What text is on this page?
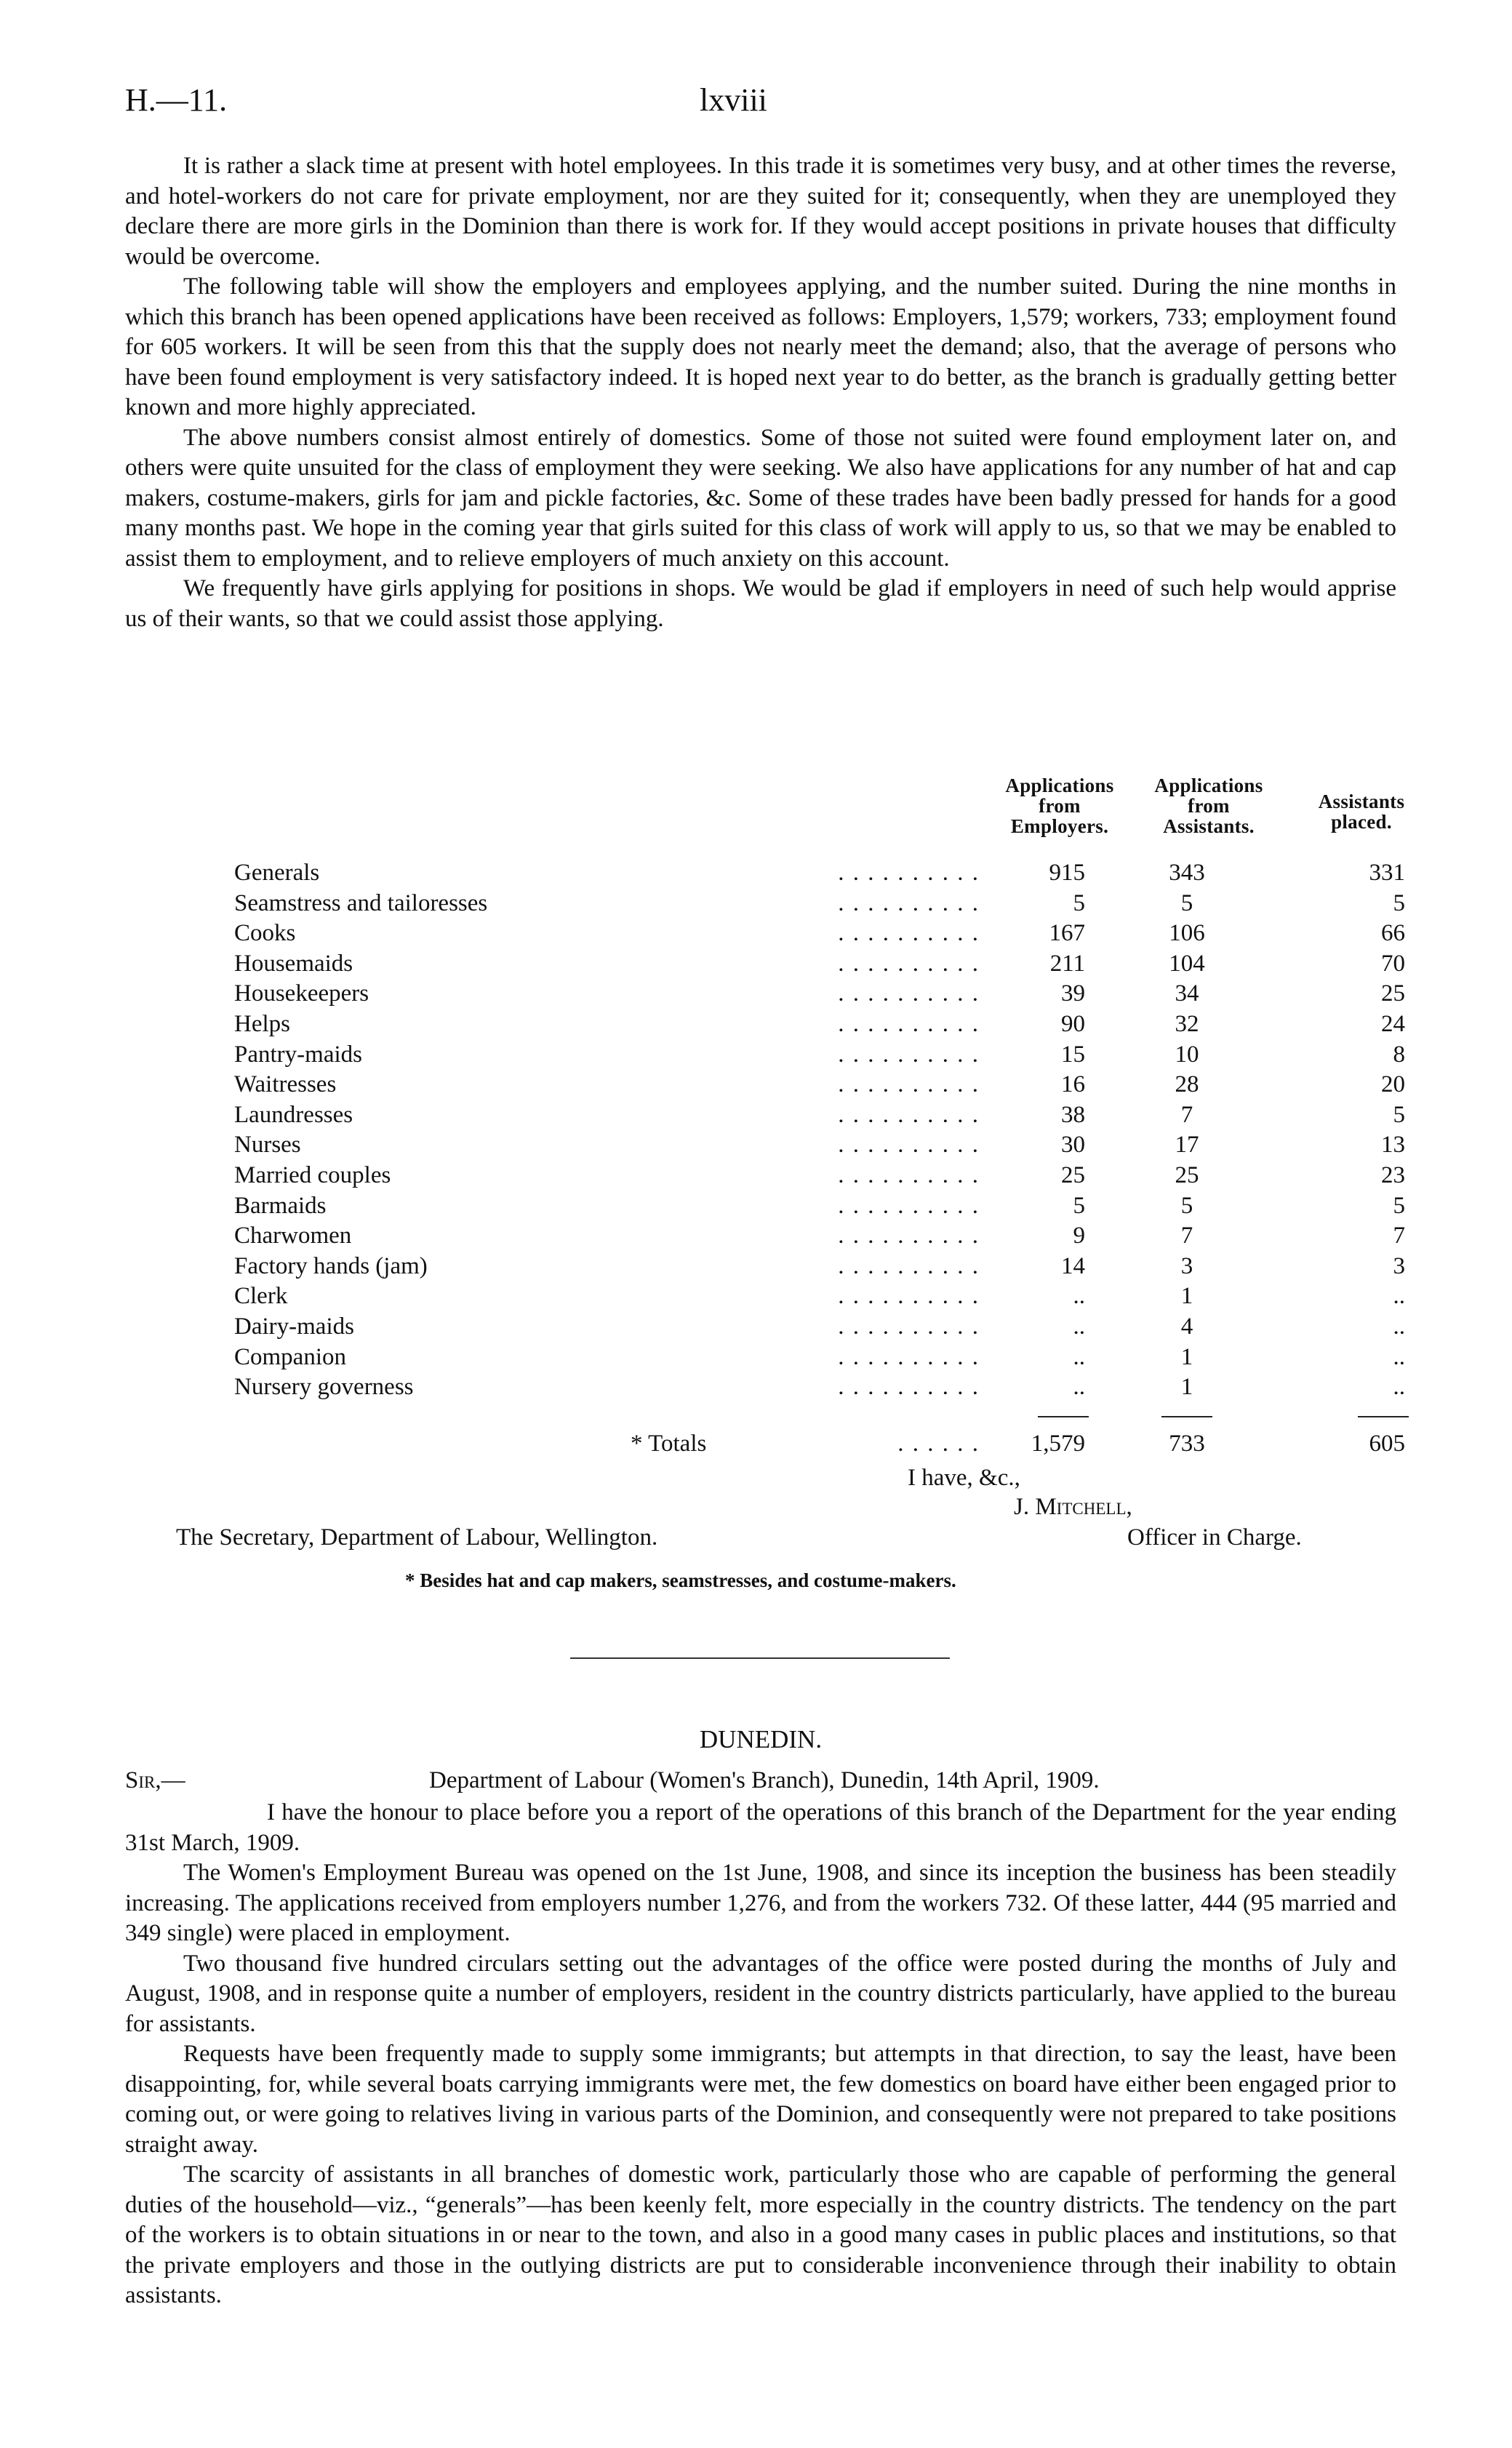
H.—11.	lxviii

It is rather a slack time at present with hotel employees. In this trade it is sometimes very busy, and at other times the reverse, and hotel-workers do not care for private employment, nor are they suited for it; consequently, when they are unemployed they declare there are more girls in the Dominion than there is work for. If they would accept positions in private houses that difficulty would be overcome.

The following table will show the employers and employees applying, and the number suited. During the nine months in which this branch has been opened applications have been received as follows: Employers, 1,579; workers, 733; employment found for 605 workers. It will be seen from this that the supply does not nearly meet the demand; also, that the average of persons who have been found employment is very satisfactory indeed. It is hoped next year to do better, as the branch is gradually getting better known and more highly appreciated.

The above numbers consist almost entirely of domestics. Some of those not suited were found employment later on, and others were quite unsuited for the class of employment they were seeking. We also have applications for any number of hat and cap makers, costume-makers, girls for jam and pickle factories, &c. Some of these trades have been badly pressed for hands for a good many months past. We hope in the coming year that girls suited for this class of work will apply to us, so that we may be enabled to assist them to employment, and to relieve employers of much anxiety on this account.

We frequently have girls applying for positions in shops. We would be glad if employers in need of such help would apprise us of their wants, so that we could assist those applying.

Applications
from
Employers.
Applications
from
Assistants.
Assistants
placed.
Generals	. . . . . . . . . .	915	343	331
Seamstress and tailoresses	. . . . . . . . . .	5	5	5
Cooks	. . . . . . . . . .	167	106	66
Housemaids	. . . . . . . . . .	211	104	70
Housekeepers	. . . . . . . . . .	39	34	25
Helps	. . . . . . . . . .	90	32	24
Pantry-maids	. . . . . . . . . .	15	10	8
Waitresses	. . . . . . . . . .	16	28	20
Laundresses	. . . . . . . . . .	38	7	5
Nurses	. . . . . . . . . .	30	17	13
Married couples	. . . . . . . . . .	25	25	23
Barmaids	. . . . . . . . . .	5	5	5
Charwomen	. . . . . . . . . .	9	7	7
Factory hands (jam)	. . . . . . . . . .	14	3	3
Clerk	. . . . . . . . . .	..	1	..
Dairy-maids	. . . . . . . . . .	..	4	..
Companion	. . . . . . . . . .	..	1	..
Nursery governess	. . . . . . . . . .	..	1	..
* Totals	. . . . . .	1,579	733	605
I have, &c.,
J. Mitchell,
The Secretary, Department of Labour, Wellington.	Officer in Charge.
* Besides hat and cap makers, seamstresses, and costume-makers.
DUNEDIN.
Sir,—	Department of Labour (Women's Branch), Dunedin, 14th April, 1909.

I have the honour to place before you a report of the operations of this branch of the Department for the year ending 31st March, 1909.

The Women's Employment Bureau was opened on the 1st June, 1908, and since its inception the business has been steadily increasing. The applications received from employers number 1,276, and from the workers 732. Of these latter, 444 (95 married and 349 single) were placed in employment.

Two thousand five hundred circulars setting out the advantages of the office were posted during the months of July and August, 1908, and in response quite a number of employers, resident in the country districts particularly, have applied to the bureau for assistants.

Requests have been frequently made to supply some immigrants; but attempts in that direction, to say the least, have been disappointing, for, while several boats carrying immigrants were met, the few domestics on board have either been engaged prior to coming out, or were going to relatives living in various parts of the Dominion, and consequently were not prepared to take positions straight away.

The scarcity of assistants in all branches of domestic work, particularly those who are capable of performing the general duties of the household—viz., “generals”—has been keenly felt, more especially in the country districts. The tendency on the part of the workers is to obtain situations in or near to the town, and also in a good many cases in public places and institutions, so that the private employers and those in the outlying districts are put to considerable inconvenience through their inability to obtain assistants.
